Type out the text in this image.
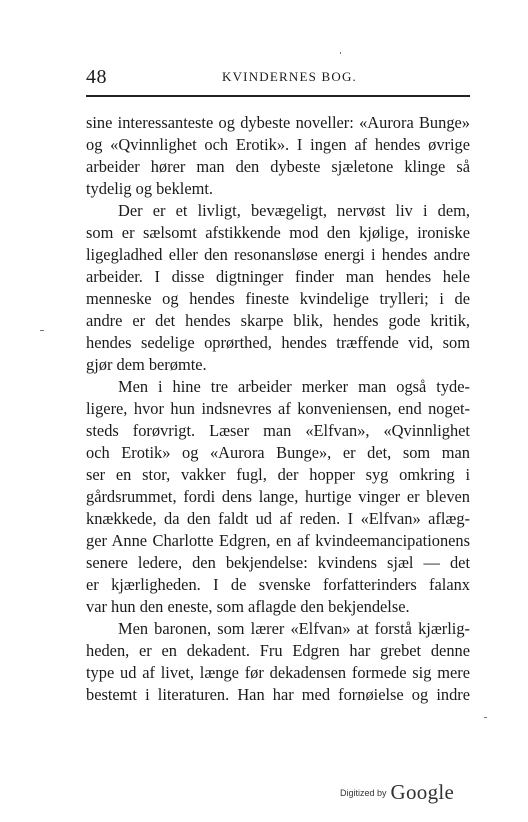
48	KVINDERNES BOG.
sine interessanteste og dybeste noveller: «Aurora Bunge»
og «Qvinnlighet och Erotik». I ingen af hendes øvrige
arbeider hører man den dybeste sjæletone klinge så
tydelig og beklemt.
Der er et livligt, bevægeligt, nervøst liv i dem,
som er sælsomt afstikkende mod den kjølige, ironiske
ligegladhed eller den resonansløse energi i hendes andre
arbeider. I disse digtninger finder man hendes hele
menneske og hendes fineste kvindelige trylleri; i de
andre er det hendes skarpe blik, hendes gode kritik,
hendes sedelige oprørthed, hendes træffende vid, som
gjør dem berømte.
Men i hine tre arbeider merker man også tyde-
ligere, hvor hun indsnevres af konveniensen, end noget-
steds forøvrigt. Læser man «Elfvan», «Qvinnlighet
och Erotik» og «Aurora Bunge», er det, som man
ser en stor, vakker fugl, der hopper syg omkring i
gårdsrummet, fordi dens lange, hurtige vinger er bleven
knækkede, da den faldt ud af reden. I «Elfvan» aflæg-
ger Anne Charlotte Edgren, en af kvindeemancipationens
senere ledere, den bekjendelse: kvindens sjæl — det
er kjærligheden. I de svenske forfatterinders falanx
var hun den eneste, som aflagde den bekjendelse.
Men baronen, som lærer «Elfvan» at forstå kjærlig-
heden, er en dekadent. Fru Edgren har grebet denne
type ud af livet, længe før dekadensen formede sig mere
bestemt i literaturen. Han har med fornøielse og indre
Digitized by Google
